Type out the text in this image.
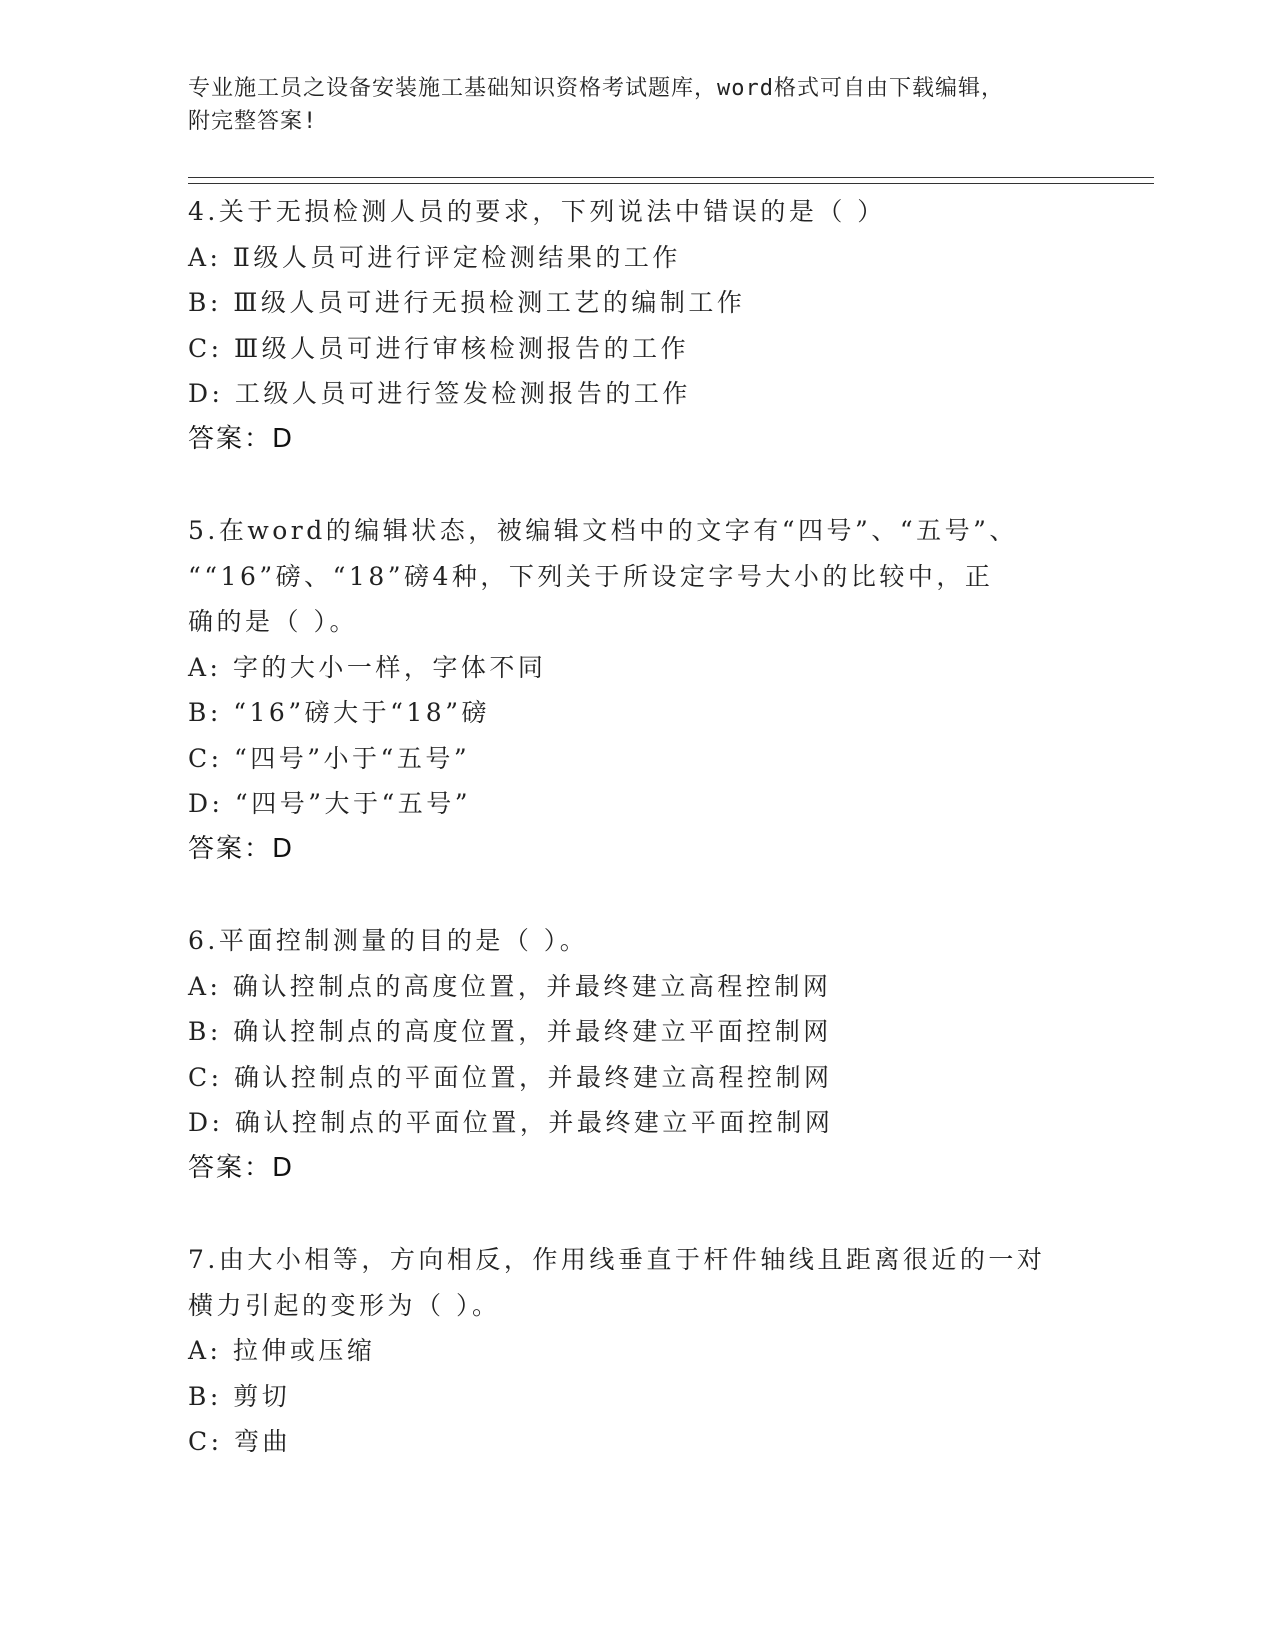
专业施工员之设备安装施工基础知识资格考试题库，word格式可自由下载编辑，
附完整答案!
4.关于无损检测人员的要求，下列说法中错误的是（ ）
A: Ⅱ级人员可进行评定检测结果的工作
B: Ⅲ级人员可进行无损检测工艺的编制工作
C: Ⅲ级人员可进行审核检测报告的工作
D: 工级人员可进行签发检测报告的工作
答案：D
5.在word的编辑状态，被编辑文档中的文字有“四号”、“五号”、
““16”磅、“18”磅4种，下列关于所设定字号大小的比较中，正
确的是（ ）。
A: 字的大小一样，字体不同
B: “16”磅大于“18”磅
C: “四号”小于“五号”
D: “四号”大于“五号”
答案：D
6.平面控制测量的目的是（ ）。
A: 确认控制点的高度位置，并最终建立高程控制网
B: 确认控制点的高度位置，并最终建立平面控制网
C: 确认控制点的平面位置，并最终建立高程控制网
D: 确认控制点的平面位置，并最终建立平面控制网
答案：D
7.由大小相等，方向相反，作用线垂直于杆件轴线且距离很近的一对
横力引起的变形为（ ）。
A: 拉伸或压缩
B: 剪切
C: 弯曲
